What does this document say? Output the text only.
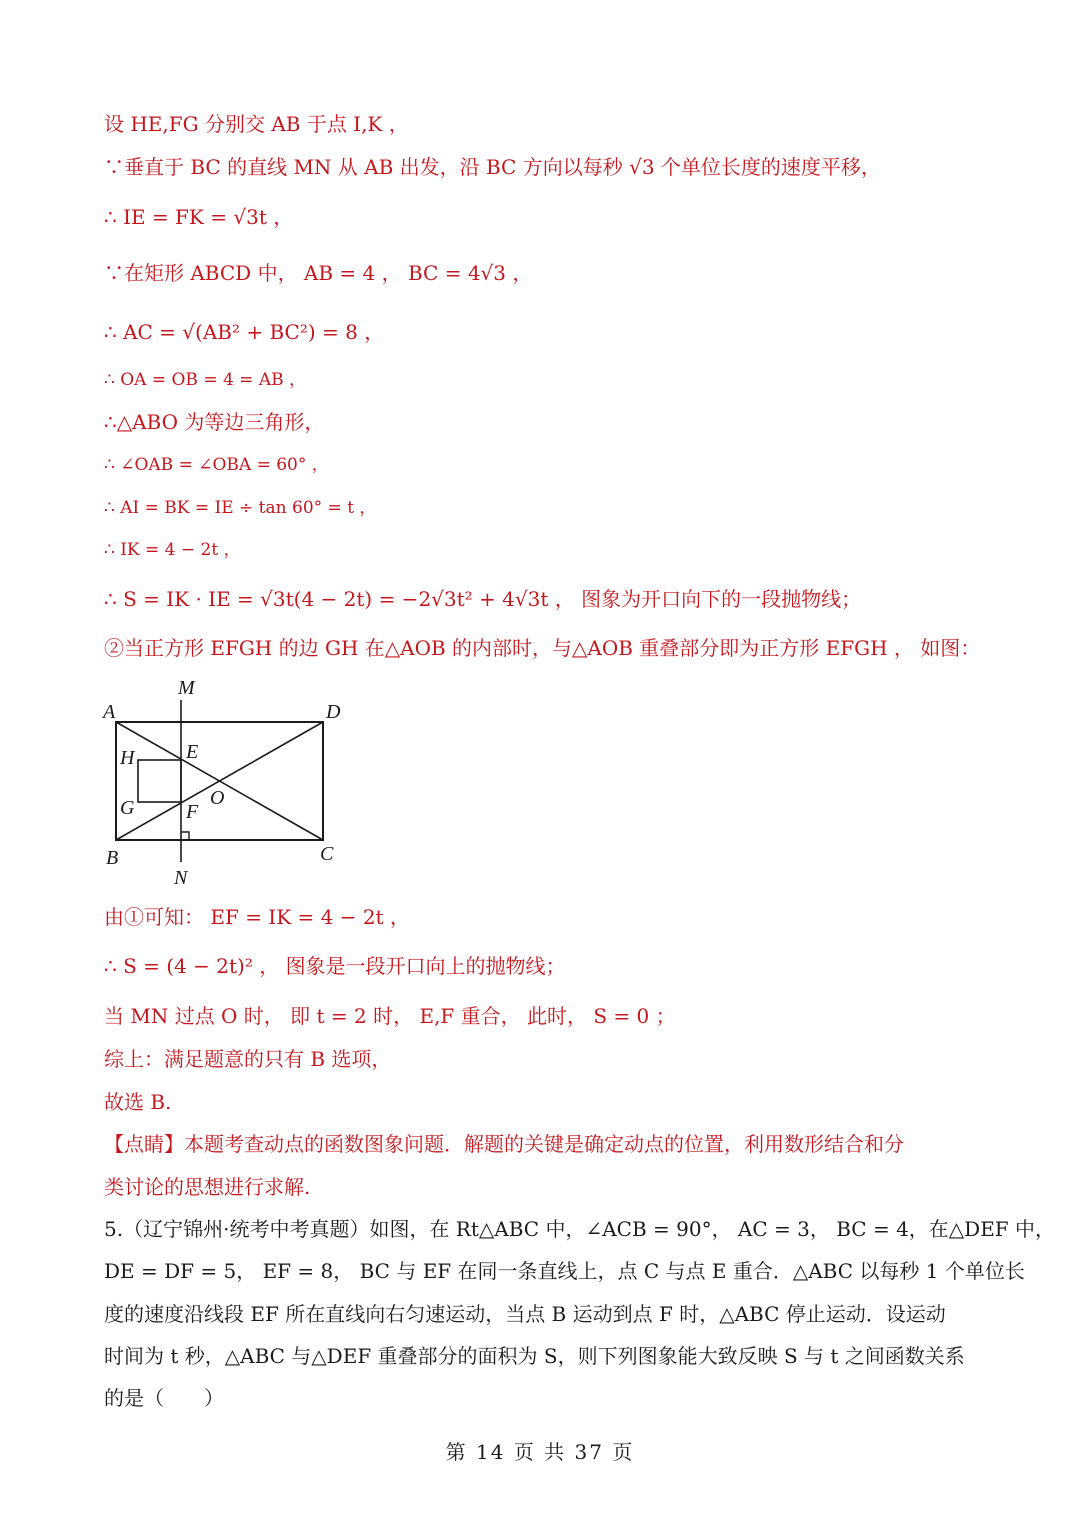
设 HE,FG 分别交 AB 于点 I,K ，
∵垂直于 BC 的直线 MN 从 AB 出发，沿 BC 方向以每秒 √3 个单位长度的速度平移，
∴ IE = FK = √3t ，
∵在矩形 ABCD 中， AB = 4 ， BC = 4√3 ，
∴ AC = √(AB² + BC²) = 8 ，
∴ OA = OB = 4 = AB ，
∴△ABO 为等边三角形，
∴ ∠OAB = ∠OBA = 60° ，
∴ AI = BK = IE ÷ tan 60° = t ，
∴ IK = 4 − 2t ，
∴ S = IK · IE = √3t(4 − 2t) = −2√3t² + 4√3t ， 图象为开口向下的一段抛物线；
②当正方形 EFGH 的边 GH 在△AOB 的内部时，与△AOB 重叠部分即为正方形 EFGH ， 如图：
M
N
A	D
B	C
E
F
G
H
O
由①可知： EF = IK = 4 − 2t ，
∴ S = (4 − 2t)² ， 图象是一段开口向上的抛物线；
当 MN 过点 O 时， 即 t = 2 时， E,F 重合， 此时， S = 0 ；
综上：满足题意的只有 B 选项，
故选 B.
【点睛】本题考查动点的函数图象问题．解题的关键是确定动点的位置，利用数形结合和分
类讨论的思想进行求解.
5.（辽宁锦州·统考中考真题）如图，在 Rt△ABC 中，∠ACB = 90°， AC = 3， BC = 4，在△DEF 中，
DE = DF = 5， EF = 8， BC 与 EF 在同一条直线上，点 C 与点 E 重合．△ABC 以每秒 1 个单位长
度的速度沿线段 EF 所在直线向右匀速运动，当点 B 运动到点 F 时，△ABC 停止运动．设运动
时间为 t 秒，△ABC 与△DEF 重叠部分的面积为 S，则下列图象能大致反映 S 与 t 之间函数关系
的是（　　）
第 14 页 共 37 页
